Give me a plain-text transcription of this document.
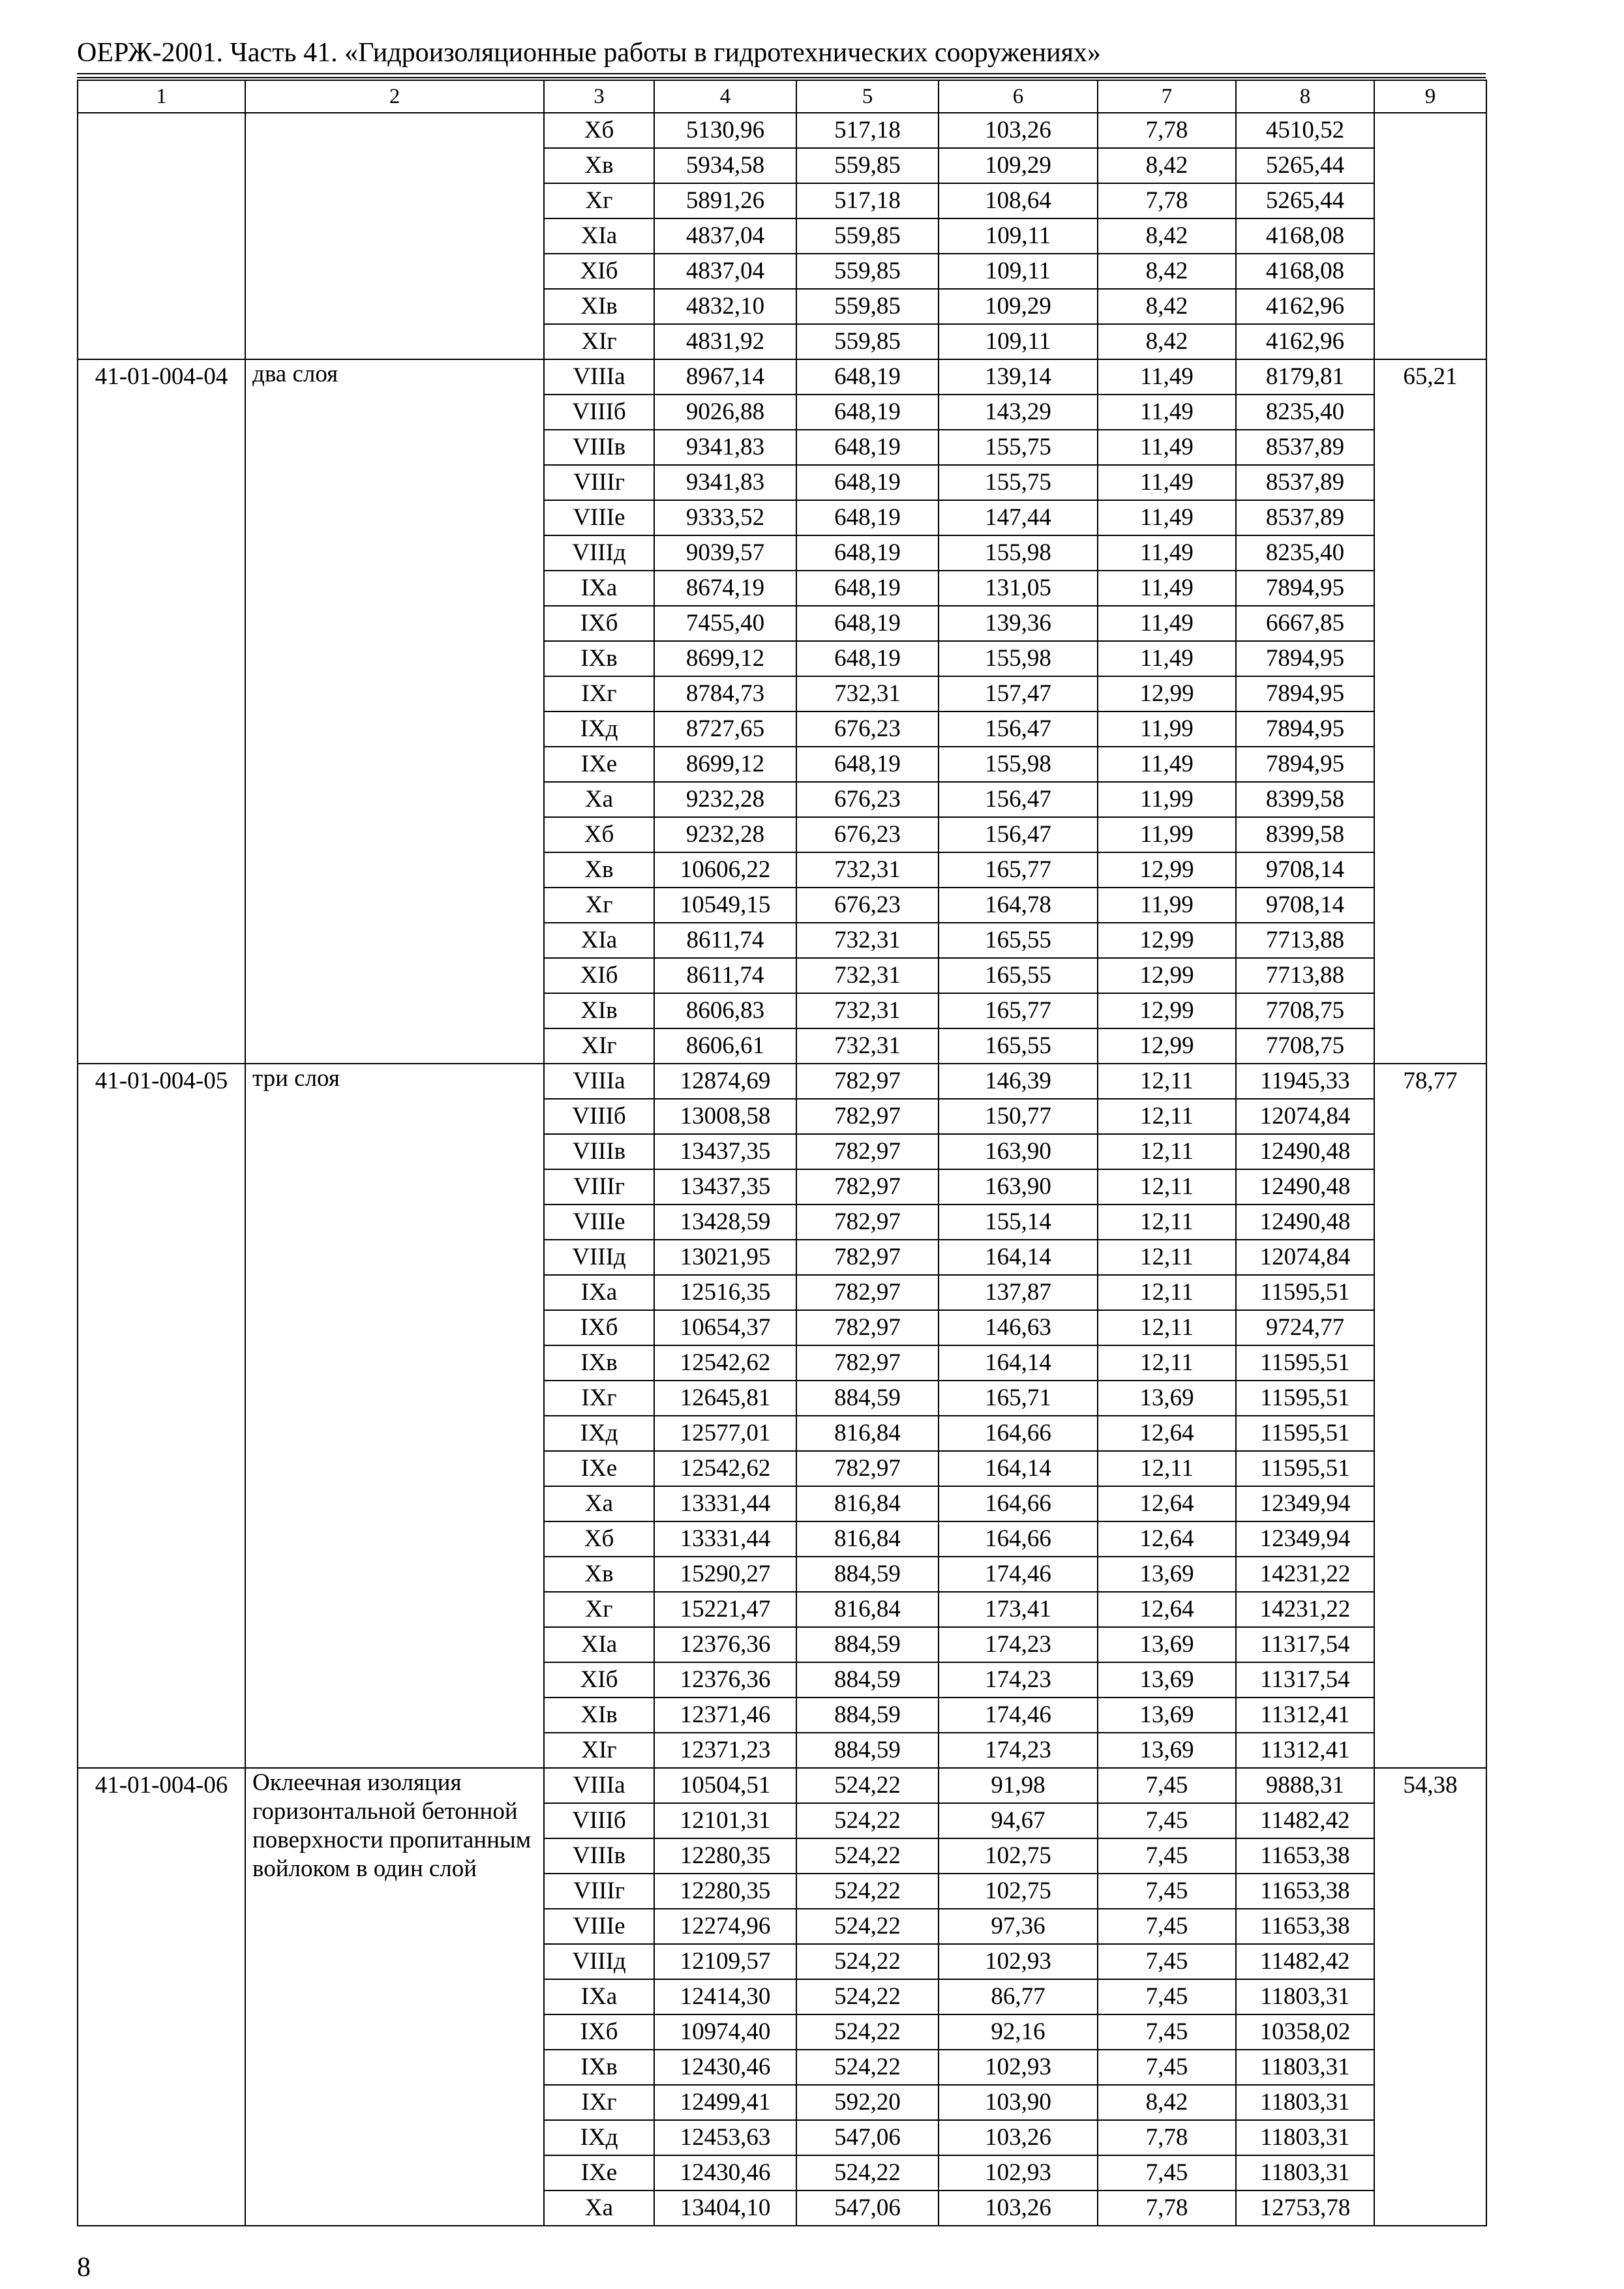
ОЕРЖ-2001. Часть 41. «Гидроизоляционные работы в гидротехнических сооружениях»
1	2	3	4	5	6	7	8	9
		Xб	5130,96	517,18	103,26	7,78	4510,52	
		Xв	5934,58	559,85	109,29	8,42	5265,44	
		Xг	5891,26	517,18	108,64	7,78	5265,44	
		XIа	4837,04	559,85	109,11	8,42	4168,08	
		XIб	4837,04	559,85	109,11	8,42	4168,08	
		XIв	4832,10	559,85	109,29	8,42	4162,96	
		XIг	4831,92	559,85	109,11	8,42	4162,96	
41-01-004-04	два слоя	VIIIа	8967,14	648,19	139,14	11,49	8179,81	65,21
		VIIIб	9026,88	648,19	143,29	11,49	8235,40	
		VIIIв	9341,83	648,19	155,75	11,49	8537,89	
		VIIIг	9341,83	648,19	155,75	11,49	8537,89	
		VIIIе	9333,52	648,19	147,44	11,49	8537,89	
		VIIIд	9039,57	648,19	155,98	11,49	8235,40	
		IXа	8674,19	648,19	131,05	11,49	7894,95	
		IXб	7455,40	648,19	139,36	11,49	6667,85	
		IXв	8699,12	648,19	155,98	11,49	7894,95	
		IXг	8784,73	732,31	157,47	12,99	7894,95	
		IXд	8727,65	676,23	156,47	11,99	7894,95	
		IXе	8699,12	648,19	155,98	11,49	7894,95	
		Xа	9232,28	676,23	156,47	11,99	8399,58	
		Xб	9232,28	676,23	156,47	11,99	8399,58	
		Xв	10606,22	732,31	165,77	12,99	9708,14	
		Xг	10549,15	676,23	164,78	11,99	9708,14	
		XIа	8611,74	732,31	165,55	12,99	7713,88	
		XIб	8611,74	732,31	165,55	12,99	7713,88	
		XIв	8606,83	732,31	165,77	12,99	7708,75	
		XIг	8606,61	732,31	165,55	12,99	7708,75	
41-01-004-05	три слоя	VIIIа	12874,69	782,97	146,39	12,11	11945,33	78,77
		VIIIб	13008,58	782,97	150,77	12,11	12074,84	
		VIIIв	13437,35	782,97	163,90	12,11	12490,48	
		VIIIг	13437,35	782,97	163,90	12,11	12490,48	
		VIIIе	13428,59	782,97	155,14	12,11	12490,48	
		VIIIд	13021,95	782,97	164,14	12,11	12074,84	
		IXа	12516,35	782,97	137,87	12,11	11595,51	
		IXб	10654,37	782,97	146,63	12,11	9724,77	
		IXв	12542,62	782,97	164,14	12,11	11595,51	
		IXг	12645,81	884,59	165,71	13,69	11595,51	
		IXд	12577,01	816,84	164,66	12,64	11595,51	
		IXе	12542,62	782,97	164,14	12,11	11595,51	
		Xа	13331,44	816,84	164,66	12,64	12349,94	
		Xб	13331,44	816,84	164,66	12,64	12349,94	
		Xв	15290,27	884,59	174,46	13,69	14231,22	
		Xг	15221,47	816,84	173,41	12,64	14231,22	
		XIа	12376,36	884,59	174,23	13,69	11317,54	
		XIб	12376,36	884,59	174,23	13,69	11317,54	
		XIв	12371,46	884,59	174,46	13,69	11312,41	
		XIг	12371,23	884,59	174,23	13,69	11312,41	
41-01-004-06	Оклеечная изоляция горизонтальной бетонной поверхности пропитанным войлоком в один слой	VIIIа	10504,51	524,22	91,98	7,45	9888,31	54,38
		VIIIб	12101,31	524,22	94,67	7,45	11482,42	
		VIIIв	12280,35	524,22	102,75	7,45	11653,38	
		VIIIг	12280,35	524,22	102,75	7,45	11653,38	
		VIIIе	12274,96	524,22	97,36	7,45	11653,38	
		VIIIд	12109,57	524,22	102,93	7,45	11482,42	
		IXа	12414,30	524,22	86,77	7,45	11803,31	
		IXб	10974,40	524,22	92,16	7,45	10358,02	
		IXв	12430,46	524,22	102,93	7,45	11803,31	
		IXг	12499,41	592,20	103,90	8,42	11803,31	
		IXд	12453,63	547,06	103,26	7,78	11803,31	
		IXе	12430,46	524,22	102,93	7,45	11803,31	
		Xа	13404,10	547,06	103,26	7,78	12753,78	
8
